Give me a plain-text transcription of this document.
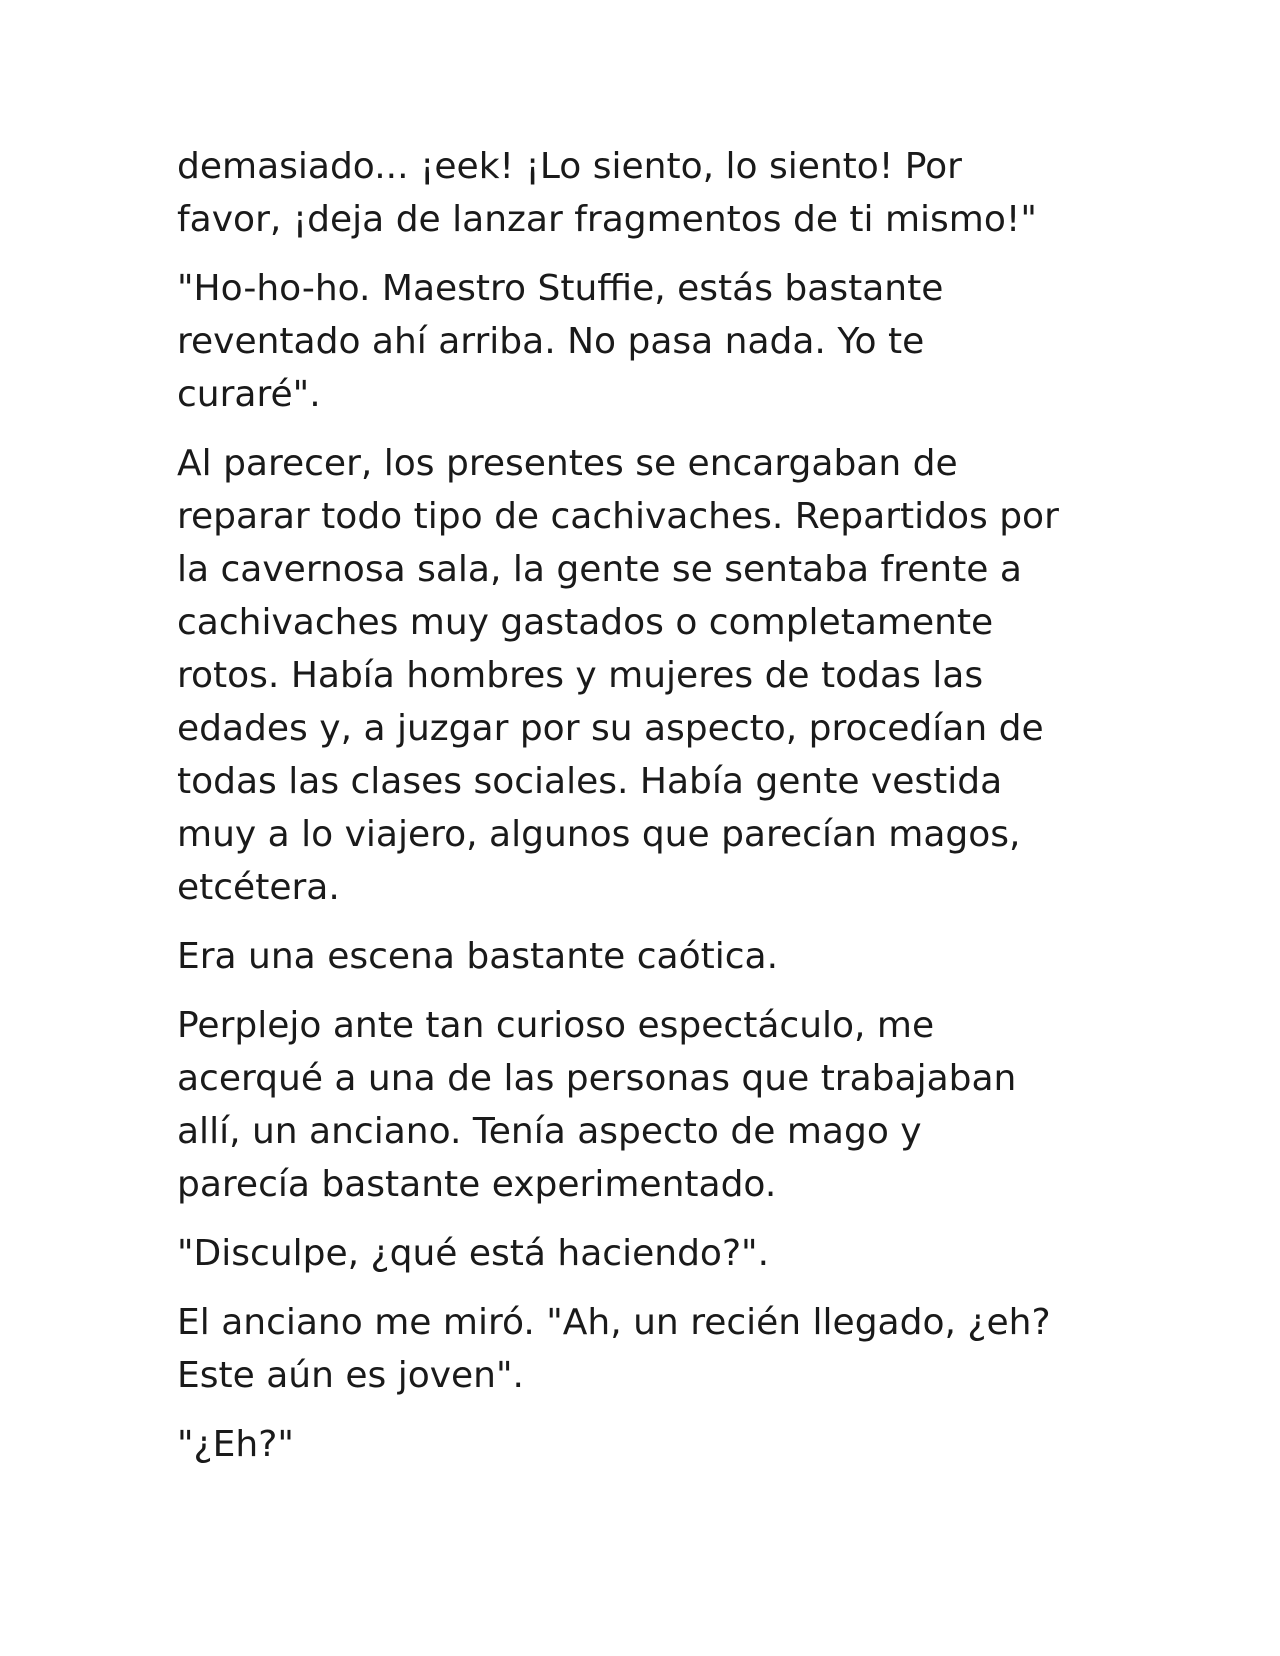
demasiado... ¡eek! ¡Lo siento, lo siento! Por
favor, ¡deja de lanzar fragmentos de ti mismo!"

"Ho-ho-ho. Maestro Stuffie, estás bastante
reventado ahí arriba. No pasa nada. Yo te
curaré".

Al parecer, los presentes se encargaban de
reparar todo tipo de cachivaches. Repartidos por
la cavernosa sala, la gente se sentaba frente a
cachivaches muy gastados o completamente
rotos. Había hombres y mujeres de todas las
edades y, a juzgar por su aspecto, procedían de
todas las clases sociales. Había gente vestida
muy a lo viajero, algunos que parecían magos,
etcétera.

Era una escena bastante caótica.

Perplejo ante tan curioso espectáculo, me
acerqué a una de las personas que trabajaban
allí, un anciano. Tenía aspecto de mago y
parecía bastante experimentado.

"Disculpe, ¿qué está haciendo?".

El anciano me miró. "Ah, un recién llegado, ¿eh?
Este aún es joven".

"¿Eh?"
